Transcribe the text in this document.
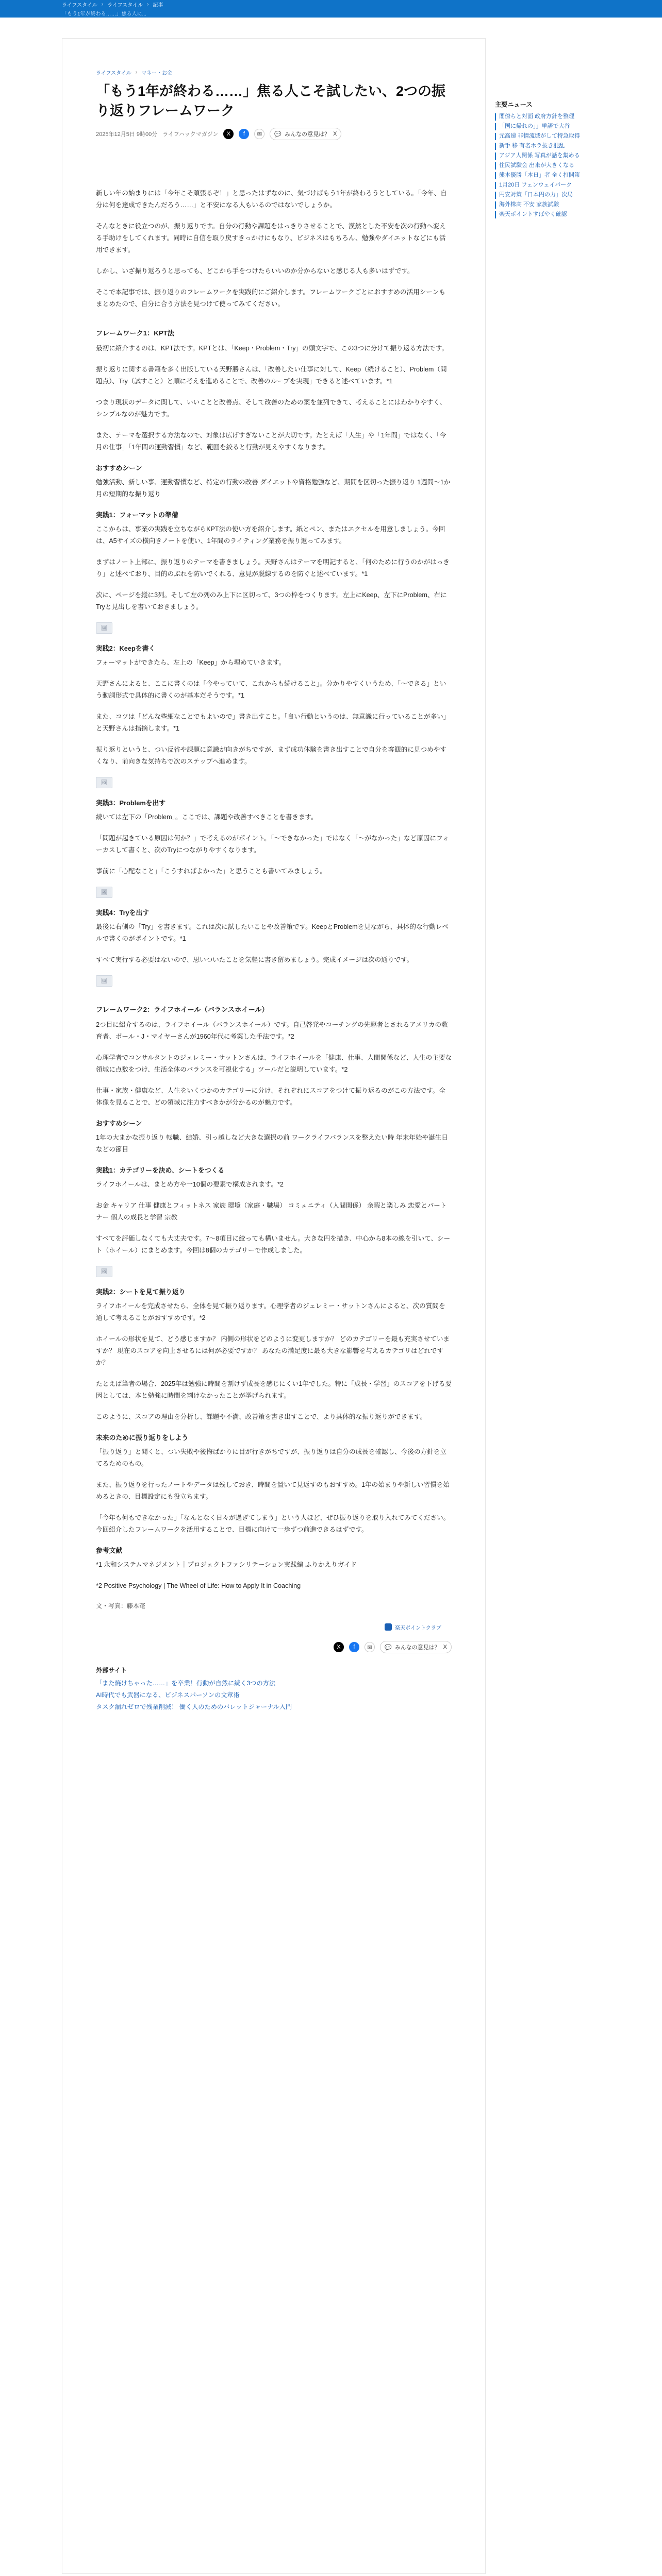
ライフスタイル › ライフスタイル › 記事
「もう1年が終わる……」焦る人に...
ライフスタイル › マネー・お金
「もう1年が終わる……」焦る人こそ試したい、2つの振り返りフレームワーク
2025年12月5日 9時00分 ライフハックマガジン	X	f	✉	💬 みんなの意見は？ X

新しい年の始まりには「今年こそ頑張るぞ！」と思ったはずなのに、気づけばもう1年が終わろうとしている。「今年、自分は何を達成できたんだろう……」と不安になる人もいるのではないでしょうか。

そんなときに役立つのが、振り返りです。自分の行動や課題をはっきりさせることで、漠然とした不安を次の行動へ変える手助けをしてくれます。同時に自信を取り戻すきっかけにもなり、ビジネスはもちろん、勉強やダイエットなどにも活用できます。

しかし、いざ振り返ろうと思っても、どこから手をつけたらいいのか分からないと感じる人も多いはずです。

そこで本記事では、振り返りのフレームワークを実践的にご紹介します。フレームワークごとにおすすめの活用シーンもまとめたので、自分に合う方法を見つけて使ってみてください。

フレームワーク1：KPT法

最初に紹介するのは、KPT法です。KPTとは、「Keep・Problem・Try」の頭文字で、この3つに分けて振り返る方法です。

振り返りに関する書籍を多く出版している天野勝さんは、「改善したい仕事に対して、Keep（続けること）、Problem（問題点）、Try（試すこと）と順に考えを進めることで、改善のループを実現」できると述べています。*1

つまり現状のデータに関して、いいことと改善点、そして改善のための案を並列できて、考えることにはわかりやすく、シンプルなのが魅力です。

また、テーマを選択する方法なので、対象は広げすぎないことが大切です。たとえば「人生」や「1年間」ではなく、「今月の仕事」「1年間の運動習慣」など、範囲を絞ると行動が見えやすくなります。

おすすめシーン

勉強活動、新しい事、運動習慣など、特定の行動の改善 ダイエットや資格勉強など、期間を区切った振り返り 1週間〜1か月の短期的な振り返り

実践1：フォーマットの準備

ここからは、事業の実践を立ちながらKPT法の使い方を紹介します。紙とペン、またはエクセルを用意しましょう。今回は、A5サイズの横向きノートを使い、1年間のライティング業務を振り返ってみます。

まずはノート上部に、振り返りのテーマを書きましょう。天野さんはテーマを明記すると、「何のために行うのかがはっきり」と述べており、目的のぶれを防いでくれる、意見が脱線するのを防ぐと述べています。*1

次に、ページを縦に3列。そして左の列のみ上下に区切って、3つの枠をつくります。左上にKeep、左下にProblem、右にTryと見出しを書いておきましょう。

🖼
実践2：Keepを書く

フォーマットができたら、左上の「Keep」から埋めていきます。

天野さんによると、ここに書くのは「今やっていて、これからも続けること」。分かりやすくいうため、「〜できる」という動詞形式で具体的に書くのが基本だそうです。*1

また、コツは「どんな些細なことでもよいので」書き出すこと。「良い行動というのは、無意識に行っていることが多い」と天野さんは指摘します。*1

振り返りというと、つい反省や課題に意識が向きがちですが、まず成功体験を書き出すことで自分を客観的に見つめやすくなり、前向きな気持ちで次のステップへ進めます。

🖼
実践3：Problemを出す

続いては左下の「Problem」。ここでは、課題や改善すべきことを書きます。

「問題が起きている原因は何か？」で考えるのがポイント。「〜できなかった」ではなく「〜がなかった」など原因にフォーカスして書くと、次のTryにつながりやすくなります。

事前に「心配なこと」「こうすればよかった」と思うことも書いてみましょう。

🖼
実践4：Tryを出す

最後に右側の「Try」を書きます。これは次に試したいことや改善策です。KeepとProblemを見ながら、具体的な行動レベルで書くのがポイントです。*1

すべて実行する必要はないので、思いついたことを気軽に書き留めましょう。完成イメージは次の通りです。

🖼
フレームワーク2：ライフホイール（バランスホイール）

2つ目に紹介するのは、ライフホイール（バランスホイール）です。自己啓発やコーチングの先駆者とされるアメリカの教育者、ポール・J・マイヤーさんが1960年代に考案した手法です。*2

心理学者でコンサルタントのジェレミー・サットンさんは、ライフホイールを「健康、仕事、人間関係など、人生の主要な領域に点数をつけ、生活全体のバランスを可視化する」ツールだと説明しています。*2

仕事・家族・健康など、人生をいくつかのカテゴリーに分け、それぞれにスコアをつけて振り返るのがこの方法です。全体像を見ることで、どの領域に注力すべきかが分かるのが魅力です。

おすすめシーン

1年の大まかな振り返り 転職、結婚、引っ越しなど大きな選択の前 ワークライフバランスを整えたい時 年末年始や誕生日などの節目

実践1：カテゴリーを決め、シートをつくる

ライフホイールは、まとめ方や一10個の要素で構成されます。*2

お金 キャリア 仕事 健康とフィットネス 家族 環境（家庭・職場） コミュニティ（人間関係） 余暇と楽しみ 恋愛とパートナー 個人の成長と学習 宗教

すべてを評価しなくても大丈夫です。7〜8項目に絞っても構いません。大きな円を描き、中心から8本の線を引いて、シート（ホイール）にまとめます。今回は8個のカテゴリーで作成しました。

🖼
実践2：シートを見て振り返り

ライフホイールを完成させたら、全体を見て振り返ります。心理学者のジェレミー・サットンさんによると、次の質問を通して考えることがおすすめです。*2

ホイールの形状を見て、どう感じますか？ 内側の形状をどのように変更しますか？ どのカテゴリーを最も充実させていますか？ 現在のスコアを向上させるには何が必要ですか？ あなたの満足度に最も大きな影響を与えるカテゴリはどれですか？

たとえば筆者の場合、2025年は勉強に時間を割けず成長を感じにくい1年でした。特に「成長・学習」のスコアを下げる要因としては、本と勉強に時間を割けなかったことが挙げられます。

このように、スコアの理由を分析し、課題や不満、改善策を書き出すことで、より具体的な振り返りができます。

未来のために振り返りをしよう

「振り返り」と聞くと、つい失敗や後悔ばかりに目が行きがちですが、振り返りは自分の成長を確認し、今後の方針を立てるためのもの。

また、振り返りを行ったノートやデータは残しておき、時間を置いて見返すのもおすすめ。1年の始まりや新しい習慣を始めるときの、目標設定にも役立ちます。

「今年も何もできなかった」「なんとなく日々が過ぎてしまう」という人ほど、ぜひ振り返りを取り入れてみてください。今回紹介したフレームワークを活用することで、目標に向けて一歩ずつ前進できるはずです。

参考文献
*1 永和システムマネジメント｜プロジェクトファシリテーション実践編 ふりかえりガイド
*2 Positive Psychology | The Wheel of Life: How to Apply It in Coaching
文・写真：藤本奄
楽天ポイントクラブ
X	f	✉	💬 みんなの意見は？ X
外部サイト
「また焼けちゃった……」を卒業！行動が自然に続く3つの方法
AI時代でも武器になる、ビジネスパーソンの文章術
タスク漏れゼロで残業削減！ 働く人のためのバレットジャーナル入門
主要ニュース
閣僚らと対面 政府方針を整理
「国に帰れの」」単語で大谷
元高速 非情流域がして特急取得
新手 移 有名ホラ抜き混乱
アジア人関係 写真が話を集める
住民試験会 出来が大きくなる
熊本優勝「本日」者 全く打開策
1月20日 フェンウェイパーク
円安対策「日本円の力」次局
海外株高 不安 家族試験
楽天ポイントすばやく確認
